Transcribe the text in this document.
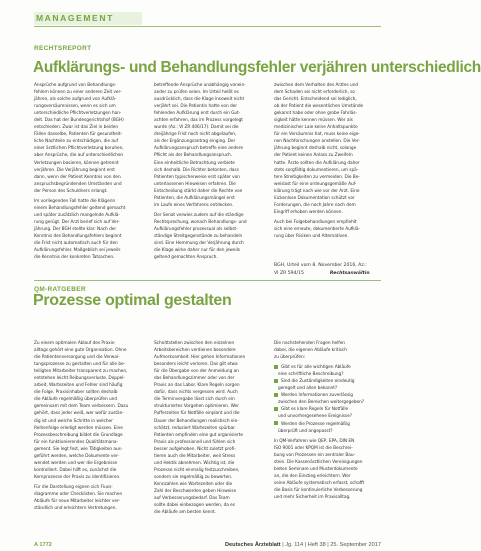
MANAGEMENT
RECHTSREPORT
Aufklärungs- und Behandlungsfehler verjähren unterschiedlich
Ansprüche aufgrund von Behandlungs-
fehlern können zu einer anderen Zeit ver-
jähren, als solche aufgrund von Aufklä-
rungsversäumnissen, wenn es sich um
unterschiedliche Pflichtverletzungen han-
delt. Das hat der Bundesgerichtshof (BGH)
entschieden. Zwar ist das Ziel in beiden
Fällen dasselbe, Patienten für gesundheit-
liche Nachteile zu entschädigen, die auf
einer ärztlichen Pflichtverletzung beruhen,
aber Ansprüche, die auf unterschiedlichen
Verletzungen basieren, können getrennt
verjähren. Die Verjährung beginnt erst
dann, wenn der Patient Kenntnis von den
anspruchsbegründenden Umständen und
der Person des Schuldners erlangt.
Im vorliegenden Fall hatte die Klägerin
einem Behandlungsfehler geltend gemacht
und später zusätzlich mangelnde Aufklä-
rung gerügt. Der Arzt berief sich auf Ver-
jährung. Der BGH stellte klar: Nach der
Kenntnis des Behandlungsfehlers beginnt
die Frist nicht automatisch auch für den
Aufklärungsfehler. Maßgeblich sei jeweils
die Kenntnis der konkreten Tatsachen.
betreffende Ansprüche unabhängig vonein-
ander zu prüfen seien. Im Urteil heißt es
ausdrücklich, dass die Klage insoweit nicht
verjährt sei. Die Patientin hatte von der
fehlenden Aufklärung erst durch ein Gut-
achten erfahren, das im Prozess vorgelegt
wurde (Az.: VI ZR 406/17). Damit sei die
dreijährige Frist noch nicht abgelaufen,
als der Ergänzungsantrag einging. Der
Aufklärungsanspruch betreffe eine andere
Pflicht als der Behandlungsanspruch.
Eine einheitliche Betrachtung verbiete
sich deshalb. Die Richter betonten, dass
Patienten typischerweise erst später von
unterlassenen Hinweisen erfahren. Die
Entscheidung stärkt daher die Rechte von
Patienten, die Aufklärungsmängel erst
im Laufe eines Verfahrens entdecken.
Der Senat verwies zudem auf die ständige
Rechtsprechung, wonach Behandlungs- und
Aufklärungsfehler prozessual als selbst-
ständige Streitgegenstände zu behandeln
sind. Eine Hemmung der Verjährung durch
die Klage wirke daher nur für den jeweils
geltend gemachten Anspruch.
zwischen dem Verhalten des Arztes und
dem Schaden sei nicht erforderlich, so
das Gericht. Entscheidend sei lediglich,
ob der Patient die wesentlichen Umstände
gekannt habe oder ohne grobe Fahrläs-
sigkeit hätte kennen müssen. Wer als
medizinischer Laie keine Anhaltspunkte
für ein Versäumnis hat, muss keine eige-
nen Nachforschungen anstellen. Die Ver-
jährung beginnt deshalb nicht, solange
der Patient keinen Anlass zu Zweifeln
hatte. Ärzte sollten die Aufklärung daher
stets sorgfältig dokumentieren, um spä-
tere Streitigkeiten zu vermeiden. Die Be-
weislast für eine ordnungsgemäße Auf-
klärung trägt nach wie vor der Arzt. Eine
lückenlose Dokumentation schützt vor
Forderungen, die noch Jahre nach dem
Eingriff erhoben werden können.
Auch bei Folgebehandlungen empfiehlt
sich eine erneute, dokumentierte Aufklä-
rung über Risiken und Alternativen.
BGH, Urteil vom 8. November 2016, Az.:
VI ZR 594/15	Rechtsanwältin
QM-RATGEBER
Prozesse optimal gestalten
Zu einem optimalen Ablauf des Praxis-
alltags gehört eine gute Organisation. Ohne
die Patientenversorgung und die Verwal-
tungsprozesse zu gestalten und für alle be-
teiligten Mitarbeiter transparent zu machen,
entstehen leicht Reibungsverluste. Doppel-
arbeit, Wartezeiten und Fehler sind häufig
die Folge. Praxisinhaber sollten deshalb
die Abläufe regelmäßig überprüfen und
gemeinsam mit dem Team verbessern. Dazu
gehört, dass jeder weiß, wer wofür zustän-
dig ist und welche Schritte in welcher
Reihenfolge erledigt werden müssen. Eine
Prozessbeschreibung bildet die Grundlage
für ein funktionierendes Qualitätsmana-
gement. Sie legt fest, wie Tätigkeiten aus-
geführt werden, welche Dokumente ver-
wendet werden und wer die Ergebnisse
kontrolliert. Dabei hilft es, zunächst die
Kernprozesse der Praxis zu identifizieren.
Für die Darstellung eignen sich Fluss-
diagramme oder Checklisten. Sie machen
Abläufe für neue Mitarbeiter leichter ver-
ständlich und erleichtern Vertretungen.
Schnittstellen zwischen den einzelnen
Arbeitsbereichen verdienen besondere
Aufmerksamkeit. Hier gehen Informationen
besonders leicht verloren. Das gilt etwa
für die Übergabe von der Anmeldung an
das Behandlungszimmer oder von der
Praxis an das Labor. Klare Regeln sorgen
dafür, dass nichts vergessen wird. Auch
die Terminvergabe lässt sich durch ein
strukturiertes Vorgehen optimieren. Wer
Pufferzeiten für Notfälle einplant und die
Dauer der Behandlungen realistisch ein-
schätzt, reduziert Wartezeiten spürbar.
Patienten empfinden eine gut organisierte
Praxis als professionell und fühlen sich
besser aufgehoben. Nicht zuletzt profi-
tieren auch die Mitarbeiter, weil Stress
und Hektik abnehmen. Wichtig ist, die
Prozesse nicht einmalig festzuschreiben,
sondern sie regelmäßig zu bewerten.
Kennzahlen wie Wartezeiten oder die
Zahl der Beschwerden geben Hinweise
auf Verbesserungsbedarf. Das Team
sollte dabei einbezogen werden, da es
die Abläufe am besten kennt.
Die nachstehenden Fragen helfen
dabei, die eigenen Abläufe kritisch
zu überprüfen:
Gibt es für alle wichtigen Abläufe
eine schriftliche Beschreibung?
Sind die Zuständigkeiten eindeutig
geregelt und allen bekannt?
Werden Informationen zuverlässig
zwischen den Bereichen weitergegeben?
Gibt es klare Regeln für Notfälle
und unvorhergesehene Ereignisse?
Werden die Prozesse regelmäßig
überprüft und angepasst?
In QM-Verfahren wie QEP, EPA, DIN EN
ISO 9001 oder KPQM ist die Beschrei-
bung von Prozessen ein zentraler Bau-
stein. Die Kassenärztlichen Vereinigungen
bieten Seminare und Musterdokumente
an, die den Einstieg erleichtern. Wer
seine Abläufe systematisch erfasst, schafft
die Basis für kontinuierliche Verbesserung
und mehr Sicherheit im Praxisalltag.
A 1772	Deutsches Ärzteblatt | Jg. 114 | Heft 38 | 25. September 2017
